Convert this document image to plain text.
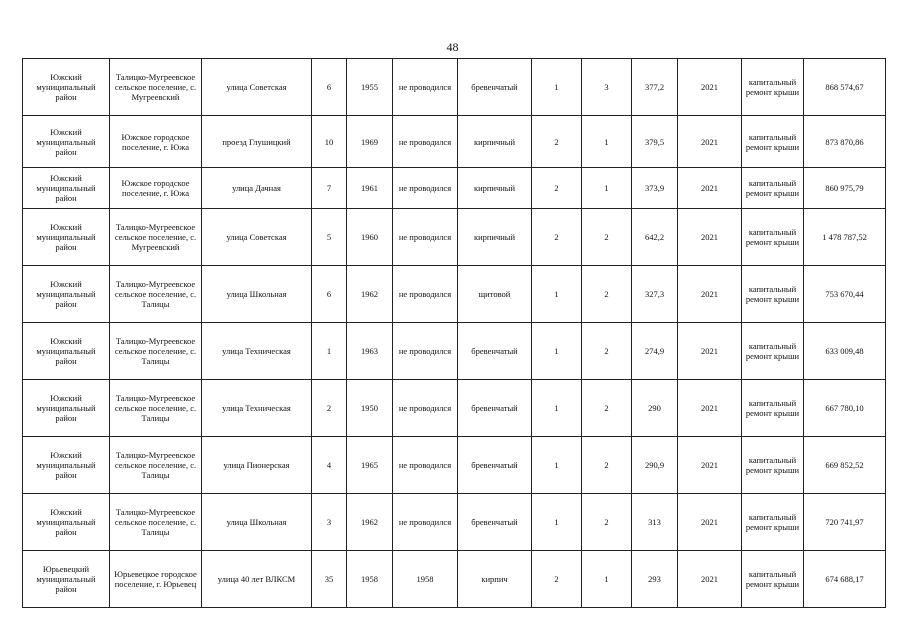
48
Южский муниципальный район	Талицко-Мугреевское сельское поселение, с. Мугреевский	улица Советская	6	1955	не проводился	бревенчатый	1	3	377,2	2021	капитальный ремонт крыши	868 574,67
Южский муниципальный район	Южское городское поселение, г. Южа	проезд Глушицкий	10	1969	не проводился	кирпичный	2	1	379,5	2021	капитальный ремонт крыши	873 870,86
Южский муниципальный район	Южское городское поселение, г. Южа	улица Дачная	7	1961	не проводился	кирпичный	2	1	373,9	2021	капитальный ремонт крыши	860 975,79
Южский муниципальный район	Талицко-Мугреевское сельское поселение, с. Мугреевский	улица Советская	5	1960	не проводился	кирпичный	2	2	642,2	2021	капитальный ремонт крыши	1 478 787,52
Южский муниципальный район	Талицко-Мугреевское сельское поселение, с. Талицы	улица Школьная	6	1962	не проводился	щитовой	1	2	327,3	2021	капитальный ремонт крыши	753 670,44
Южский муниципальный район	Талицко-Мугреевское сельское поселение, с. Талицы	улица Техническая	1	1963	не проводился	бревенчатый	1	2	274,9	2021	капитальный ремонт крыши	633 009,48
Южский муниципальный район	Талицко-Мугреевское сельское поселение, с. Талицы	улица Техническая	2	1950	не проводился	бревенчатый	1	2	290	2021	капитальный ремонт крыши	667 780,10
Южский муниципальный район	Талицко-Мугреевское сельское поселение, с. Талицы	улица Пионерская	4	1965	не проводился	бревенчатый	1	2	290,9	2021	капитальный ремонт крыши	669 852,52
Южский муниципальный район	Талицко-Мугреевское сельское поселение, с. Талицы	улица Школьная	3	1962	не проводился	бревенчатый	1	2	313	2021	капитальный ремонт крыши	720 741,97
Юрьевецкий муниципальный район	Юрьевецкое городское поселение, г. Юрьевец	улица 40 лет ВЛКСМ	35	1958	1958	кирпич	2	1	293	2021	капитальный ремонт крыши	674 688,17
